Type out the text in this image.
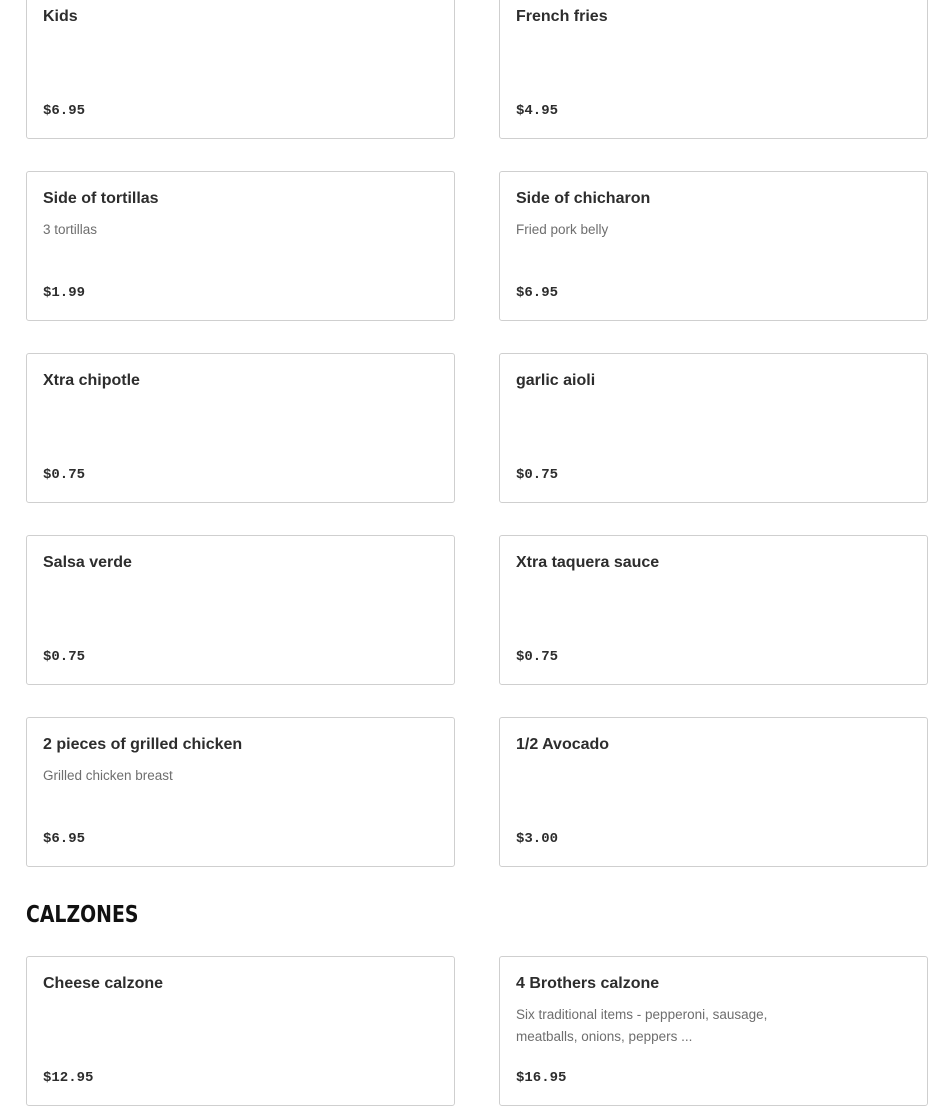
Kids
$6.95
French fries
$4.95
Side of tortillas
3 tortillas
$1.99
Side of chicharon
Fried pork belly
$6.95
Xtra chipotle
$0.75
garlic aioli
$0.75
Salsa verde
$0.75
Xtra taquera sauce
$0.75
2 pieces of grilled chicken
Grilled chicken breast
$6.95
1/2 Avocado
$3.00
CALZONES
Cheese calzone
$12.95
4 Brothers calzone
Six traditional items - pepperoni, sausage, meatballs, onions, peppers ...
$16.95
